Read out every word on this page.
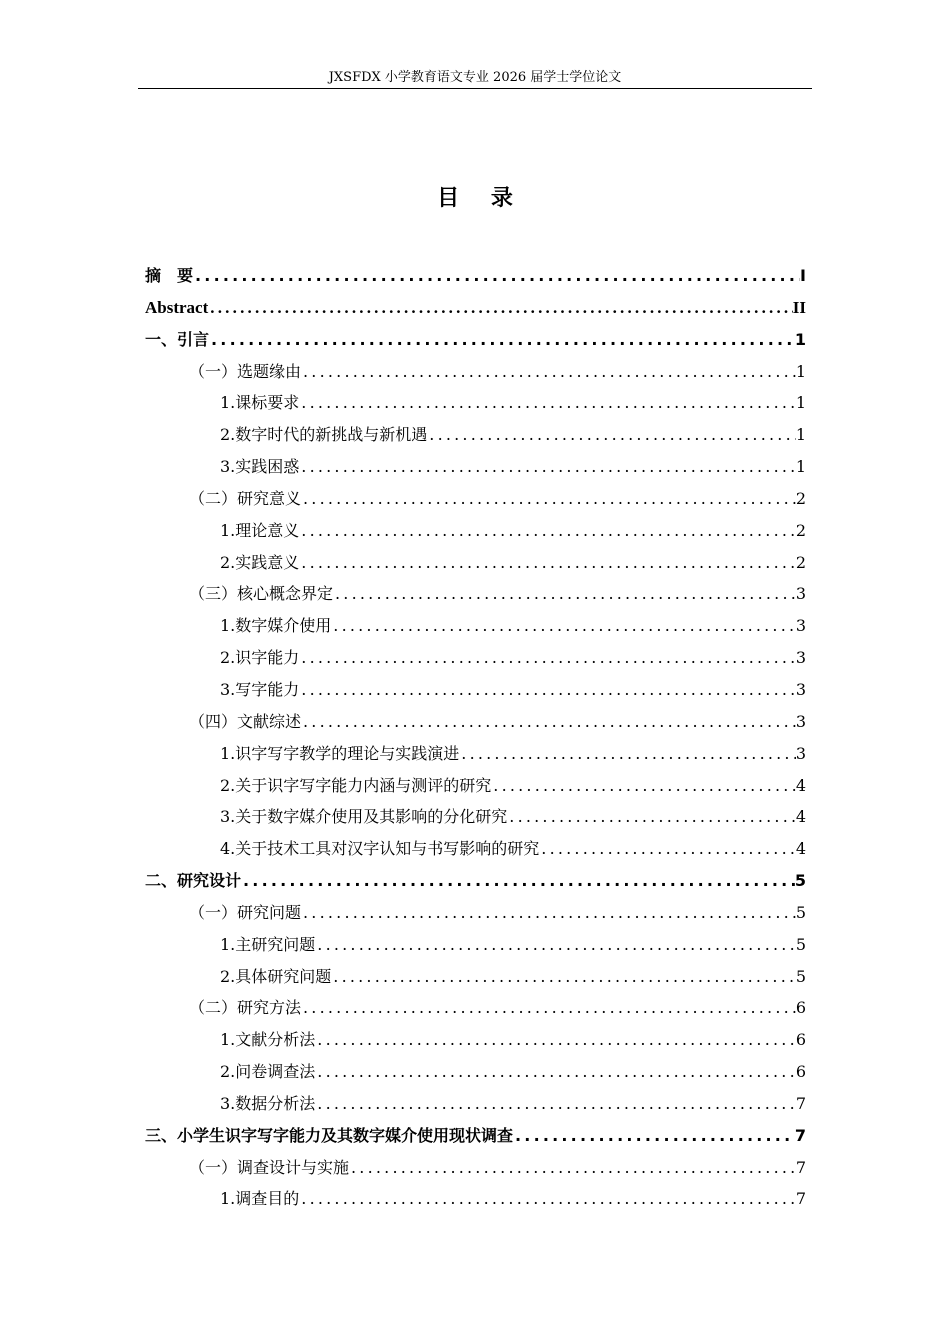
JXSFDX 小学教育语文专业 2026 届学士学位论文
目 录
摘　要 .....	I
Abstract .....	II
一、引言 .....	1
（一）选题缘由 .....	1
1.课标要求 .....	1
2.数字时代的新挑战与新机遇 .....	1
3.实践困惑 .....	1
（二）研究意义 .....	2
1.理论意义 .....	2
2.实践意义 .....	2
（三）核心概念界定 .....	3
1.数字媒介使用 .....	3
2.识字能力 .....	3
3.写字能力 .....	3
（四）文献综述 .....	3
1.识字写字教学的理论与实践演进 .....	3
2.关于识字写字能力内涵与测评的研究 .....	4
3.关于数字媒介使用及其影响的分化研究 .....	4
4.关于技术工具对汉字认知与书写影响的研究 .....	4
二、研究设计 .....	5
（一）研究问题 .....	5
1.主研究问题 .....	5
2.具体研究问题 .....	5
（二）研究方法 .....	6
1.文献分析法 .....	6
2.问卷调查法 .....	6
3.数据分析法 .....	7
三、小学生识字写字能力及其数字媒介使用现状调查 .....	7
（一）调查设计与实施 .....	7
1.调查目的 .....	7
